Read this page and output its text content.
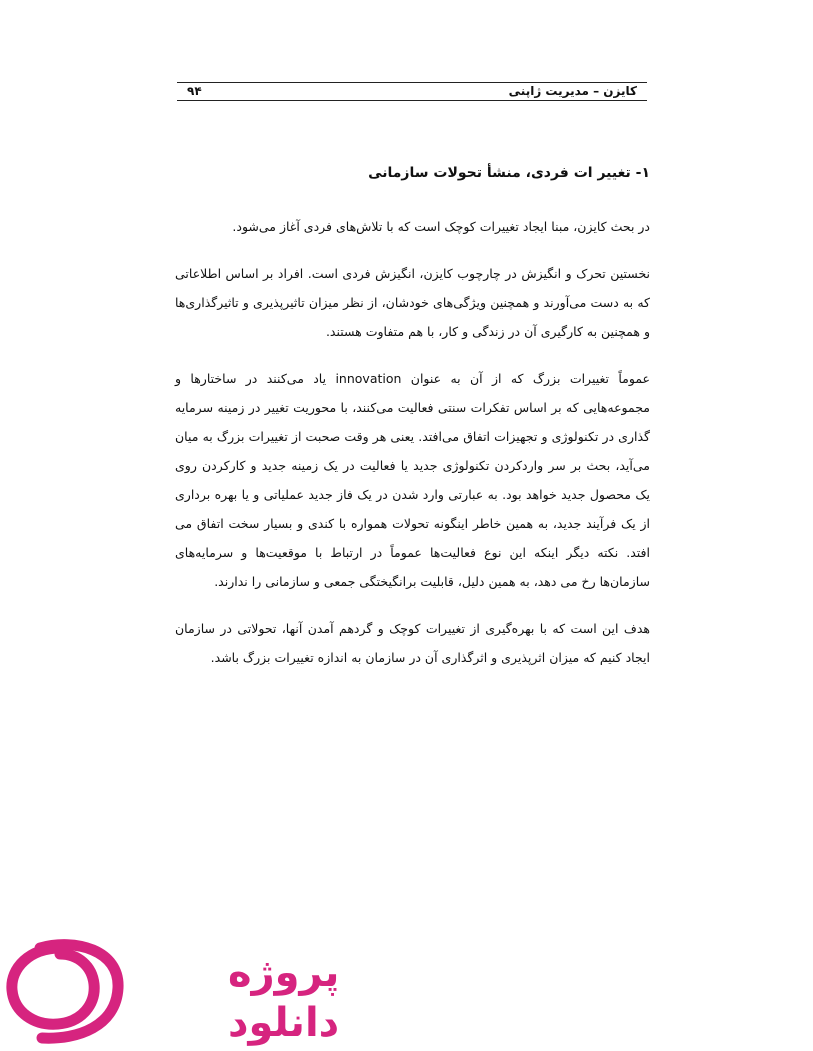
کایزن – مدیریت ژاپنی
۹۴
۱- تغییر ات فردی، منشأ تحولات سازمانی

در بحث کایزن، مبنا ایجاد تغییرات کوچک است که با تلاش‌های فردی آغاز می‌شود.

نخستین تحرک و انگیزش در چارچوب کایزن، انگیزش فردی است. افراد بر اساس اطلاعاتی که به دست می‌آورند و همچنین ویژگی‌های خودشان، از نظر میزان تاثیرپذیری و تاثیرگذاری‌ها و همچنین به کارگیری آن در زندگی و کار، با هم متفاوت هستند.

عموماً تغییرات بزرگ که از آن به عنوان innovation یاد می‌کنند در ساختارها و مجموعه‌هایی که بر اساس تفکرات سنتی فعالیت می‌کنند، با محوریت تغییر در زمینه سرمایه گذاری در تکنولوژی و تجهیزات اتفاق می‌افتد. یعنی هر وقت صحبت از تغییرات بزرگ به میان می‌آید، بحث بر سر واردکردن تکنولوژی جدید یا فعالیت در یک زمینه جدید و کارکردن روی یک محصول جدید خواهد بود. به عبارتی وارد شدن در یک فاز جدید عملیاتی و یا بهره برداری از یک فرآیند جدید، به همین خاطر اینگونه تحولات همواره با کندی و بسیار سخت اتفاق می افتد. نکته دیگر اینکه این نوع فعالیت‌ها عموماً در ارتباط با موقعیت‌ها و سرمایه‌های سازمان‌ها رخ می دهد، به همین دلیل، قابلیت برانگیختگی جمعی و سازمانی را ندارند.

هدف این است که با بهره‌گیری از تغییرات کوچک و گردهم آمدن آنها، تحولاتی در سازمان ایجاد کنیم که میزان اثرپذیری و اثرگذاری آن در سازمان به اندازه تغییرات بزرگ باشد.

پروژه
دانلود
